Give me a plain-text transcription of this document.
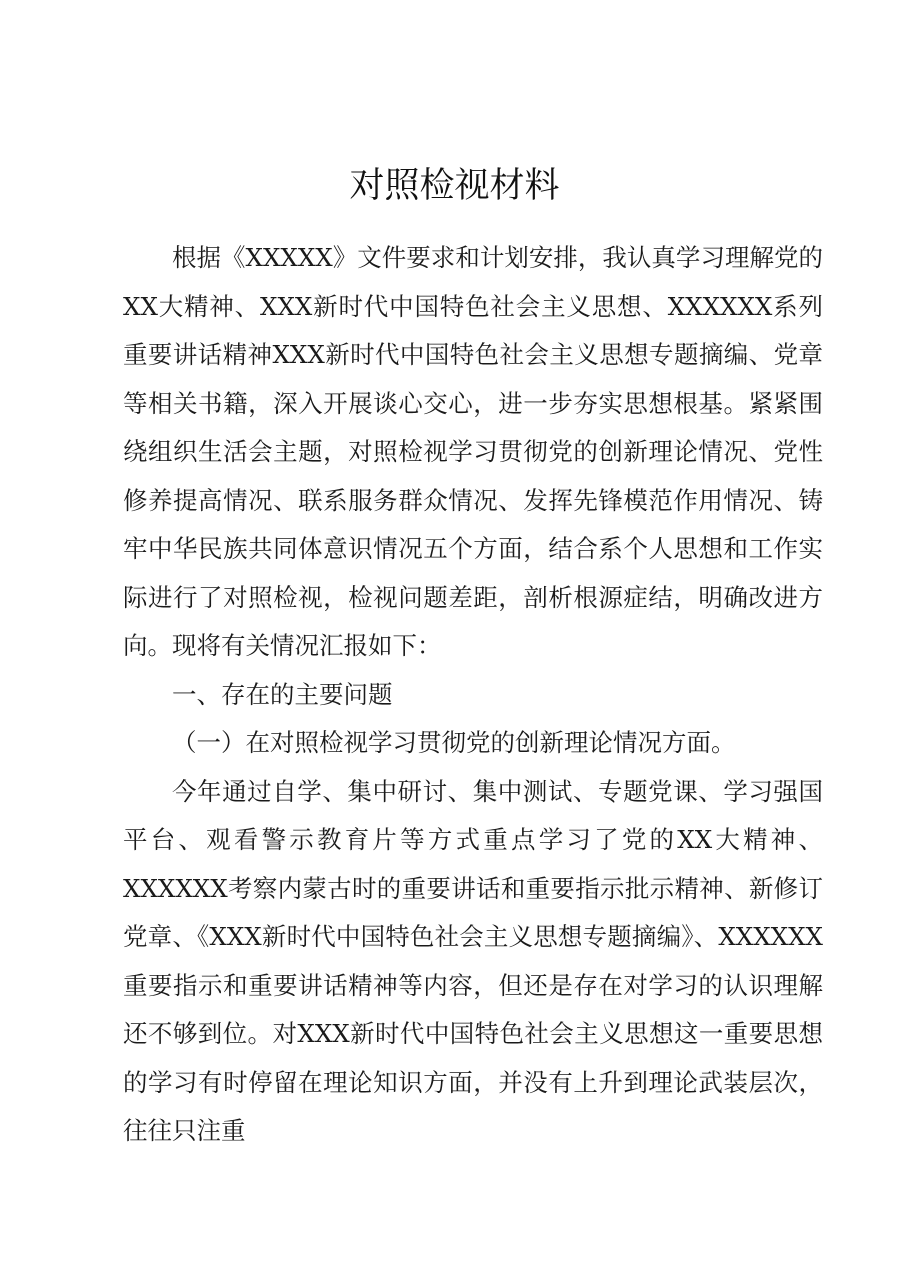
对照检视材料

根据《XXXXX》文件要求和计划安排，我认真学习理解党的XX大精神、XXX新时代中国特色社会主义思想、XXXXXX系列重要讲话精神XXX新时代中国特色社会主义思想专题摘编、党章等相关书籍，深入开展谈心交心，进一步夯实思想根基。紧紧围绕组织生活会主题，对照检视学习贯彻党的创新理论情况、党性修养提高情况、联系服务群众情况、发挥先锋模范作用情况、铸牢中华民族共同体意识情况五个方面，结合系个人思想和工作实际进行了对照检视，检视问题差距，剖析根源症结，明确改进方向。现将有关情况汇报如下：

一、存在的主要问题

（一）在对照检视学习贯彻党的创新理论情况方面。

今年通过自学、集中研讨、集中测试、专题党课、学习强国平台、观看警示教育片等方式重点学习了党的XX大精神、XXXXXX考察内蒙古时的重要讲话和重要指示批示精神、新修订党章、《XXX新时代中国特色社会主义思想专题摘编》、XXXXXX重要指示和重要讲话精神等内容，但还是存在对学习的认识理解还不够到位。对XXX新时代中国特色社会主义思想这一重要思想的学习有时停留在理论知识方面，并没有上升到理论武装层次，往往只注重
